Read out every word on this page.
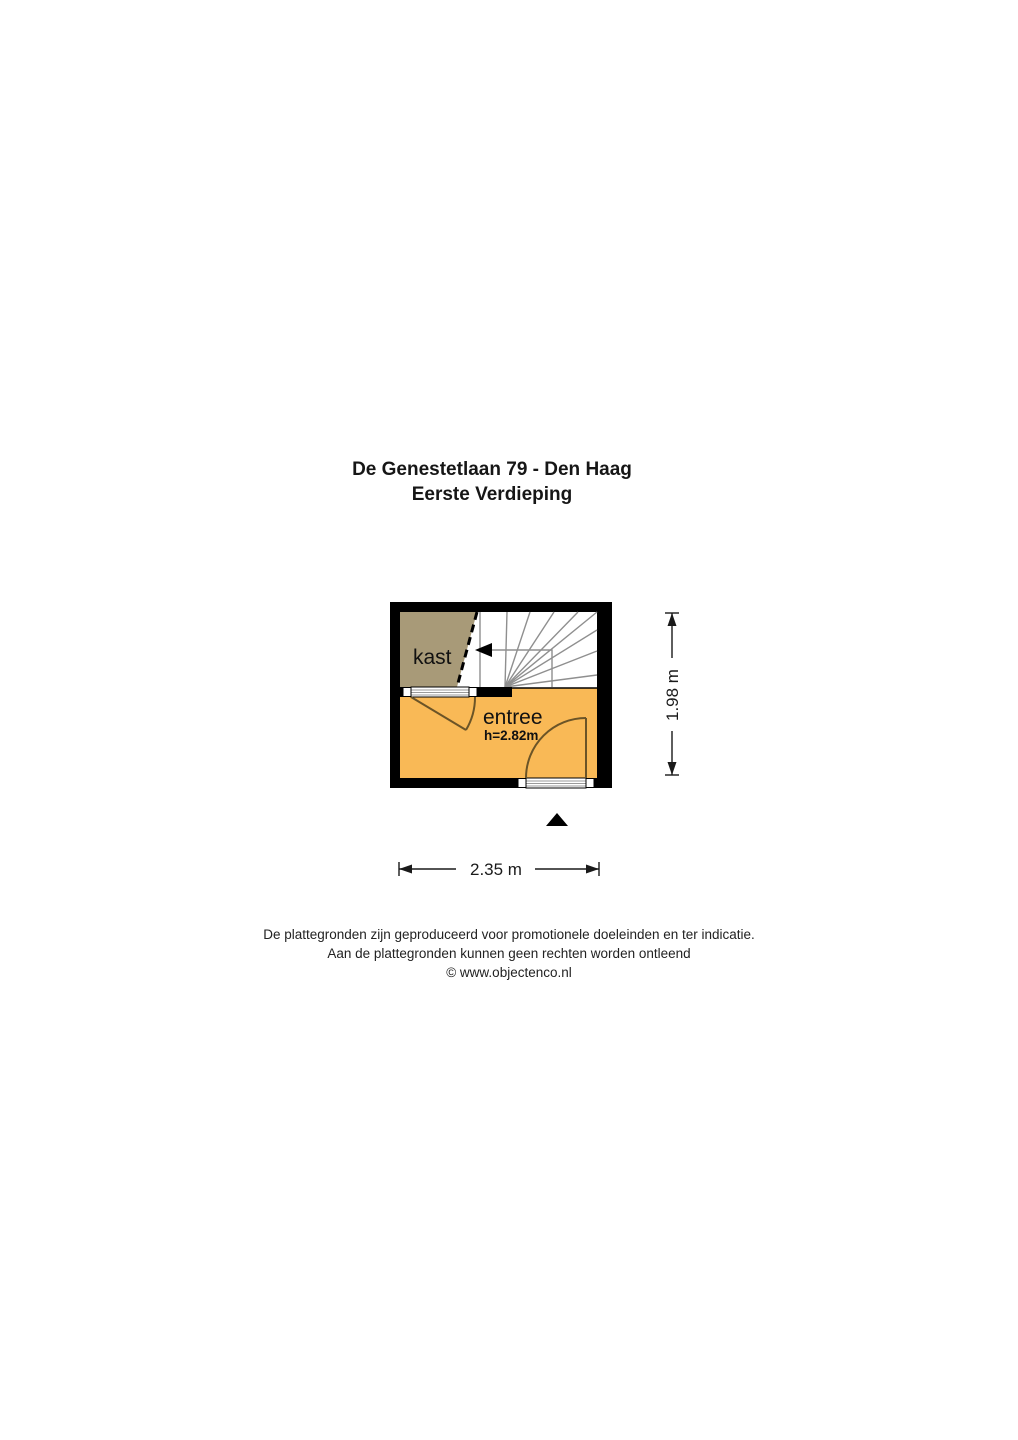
De Genestetlaan 79 - Den Haag
Eerste Verdieping
kast
entree
h=2.82m
1.98 m
2.35 m
De plattegronden zijn geproduceerd voor promotionele doeleinden en ter indicatie.
Aan de plattegronden kunnen geen rechten worden ontleend
© www.objectenco.nl
